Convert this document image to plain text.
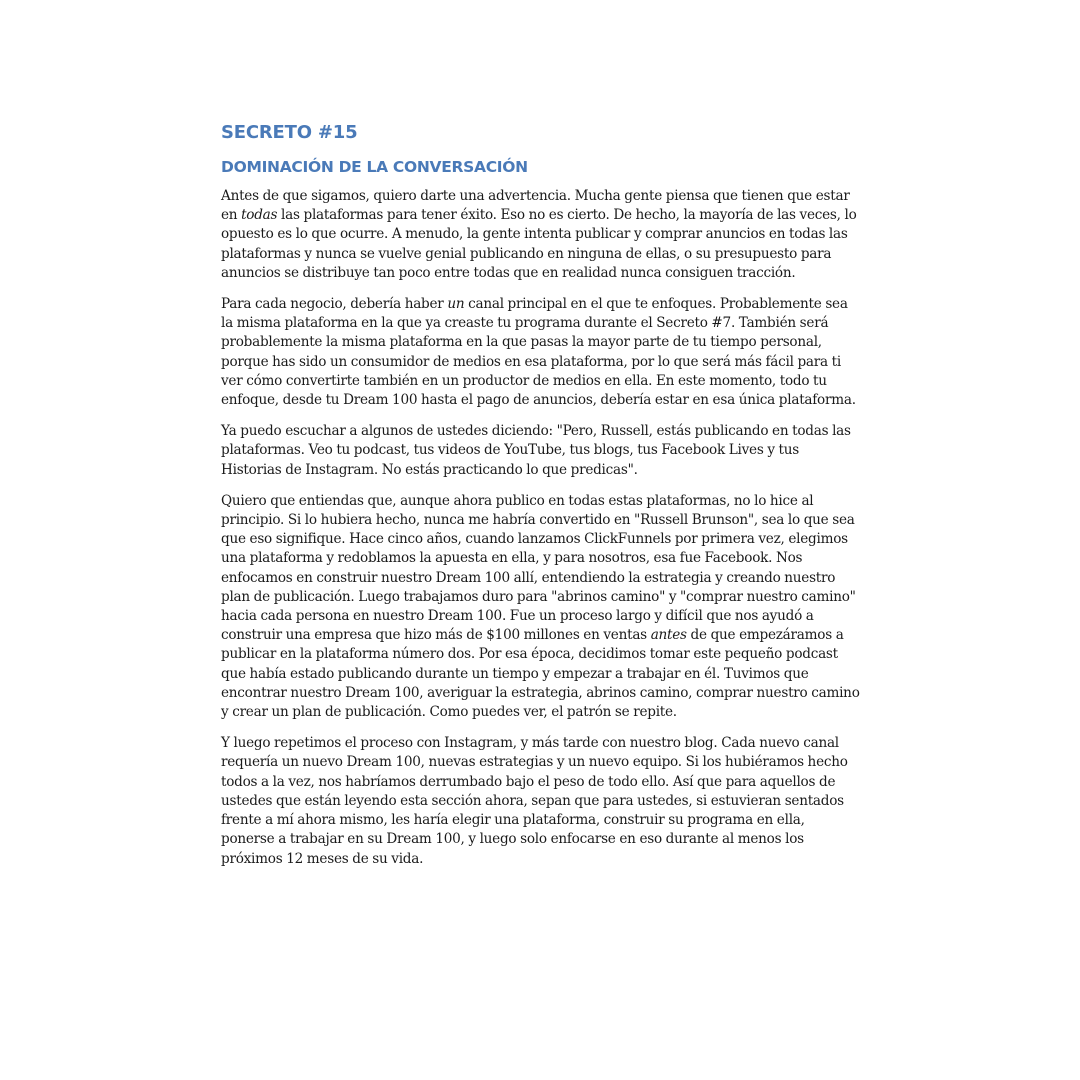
SECRETO #15
DOMINACIÓN DE LA CONVERSACIÓN

Antes de que sigamos, quiero darte una advertencia. Mucha gente piensa que tienen que estar en todas las plataformas para tener éxito. Eso no es cierto. De hecho, la mayoría de las veces, lo opuesto es lo que ocurre. A menudo, la gente intenta publicar y comprar anuncios en todas las plataformas y nunca se vuelve genial publicando en ninguna de ellas, o su presupuesto para anuncios se distribuye tan poco entre todas que en realidad nunca consiguen tracción.

Para cada negocio, debería haber un canal principal en el que te enfoques. Probablemente sea la misma plataforma en la que ya creaste tu programa durante el Secreto #7. También será probablemente la misma plataforma en la que pasas la mayor parte de tu tiempo personal, porque has sido un consumidor de medios en esa plataforma, por lo que será más fácil para ti ver cómo convertirte también en un productor de medios en ella. En este momento, todo tu enfoque, desde tu Dream 100 hasta el pago de anuncios, debería estar en esa única plataforma.

Ya puedo escuchar a algunos de ustedes diciendo: "Pero, Russell, estás publicando en todas las plataformas. Veo tu podcast, tus videos de YouTube, tus blogs, tus Facebook Lives y tus Historias de Instagram. No estás practicando lo que predicas".

Quiero que entiendas que, aunque ahora publico en todas estas plataformas, no lo hice al principio. Si lo hubiera hecho, nunca me habría convertido en "Russell Brunson", sea lo que sea que eso signifique. Hace cinco años, cuando lanzamos ClickFunnels por primera vez, elegimos una plataforma y redoblamos la apuesta en ella, y para nosotros, esa fue Facebook. Nos enfocamos en construir nuestro Dream 100 allí, entendiendo la estrategia y creando nuestro plan de publicación. Luego trabajamos duro para "abrinos camino" y "comprar nuestro camino" hacia cada persona en nuestro Dream 100. Fue un proceso largo y difícil que nos ayudó a construir una empresa que hizo más de $100 millones en ventas antes de que empezáramos a publicar en la plataforma número dos. Por esa época, decidimos tomar este pequeño podcast que había estado publicando durante un tiempo y empezar a trabajar en él. Tuvimos que encontrar nuestro Dream 100, averiguar la estrategia, abrinos camino, comprar nuestro camino y crear un plan de publicación. Como puedes ver, el patrón se repite.

Y luego repetimos el proceso con Instagram, y más tarde con nuestro blog. Cada nuevo canal requería un nuevo Dream 100, nuevas estrategias y un nuevo equipo. Si los hubiéramos hecho todos a la vez, nos habríamos derrumbado bajo el peso de todo ello. Así que para aquellos de ustedes que están leyendo esta sección ahora, sepan que para ustedes, si estuvieran sentados frente a mí ahora mismo, les haría elegir una plataforma, construir su programa en ella, ponerse a trabajar en su Dream 100, y luego solo enfocarse en eso durante al menos los próximos 12 meses de su vida.
